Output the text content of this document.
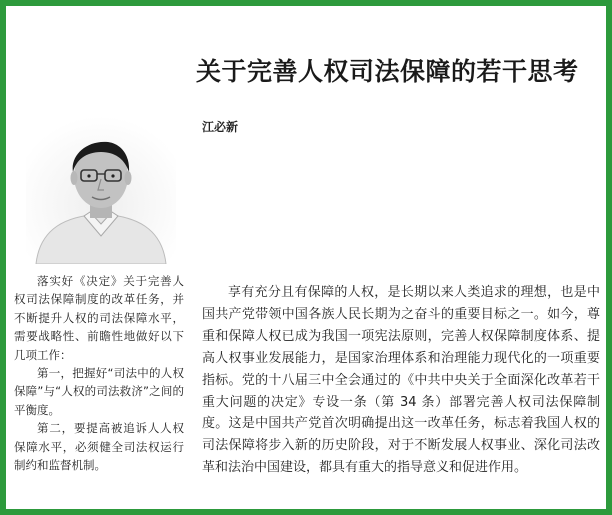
关于完善人权司法保障的若干思考
江必新

落实好《决定》关于完善人权司法保障制度的改革任务，并不断提升人权的司法保障水平，需要战略性、前瞻性地做好以下几项工作：

第一，把握好“司法中的人权保障”与“人权的司法救济”之间的平衡度。

第二，要提高被追诉人人权保障水平，必须健全司法权运行制约和监督机制。

享有充分且有保障的人权，是长期以来人类追求的理想，也是中国共产党带领中国各族人民长期为之奋斗的重要目标之一。如今，尊重和保障人权已成为我国一项宪法原则，完善人权保障制度体系、提高人权事业发展能力，是国家治理体系和治理能力现代化的一项重要指标。党的十八届三中全会通过的《中共中央关于全面深化改革若干重大问题的决定》专设一条（第 34 条）部署完善人权司法保障制度。这是中国共产党首次明确提出这一改革任务，标志着我国人权的司法保障将步入新的历史阶段，对于不断发展人权事业、深化司法改革和法治中国建设，都具有重大的指导意义和促进作用。
